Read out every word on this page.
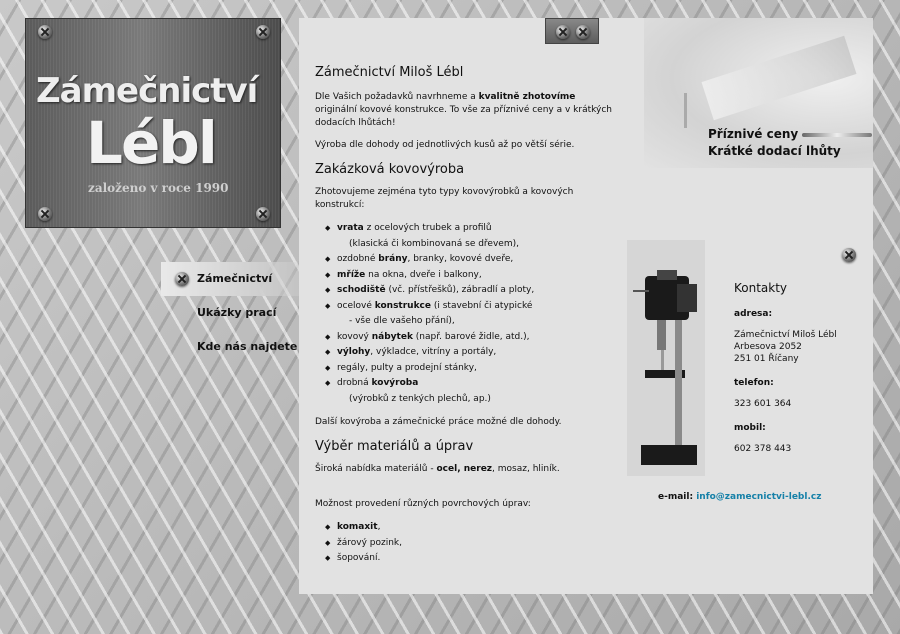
Zámečnictví
Lébl
založeno v roce 1990
Zámečnictví
Ukázky prací
Kde nás najdete
Příznivé ceny
Krátké dodací lhůty
Zámečnictví Miloš Lébl

Dle Vašich požadavků navrhneme a kvalitně zhotovíme originální kovové konstrukce. To vše za příznivé ceny a v krátkých dodacích lhůtách!

Výroba dle dohody od jednotlivých kusů až po větší série.

Zakázková kovovýroba

Zhotovujeme zejména tyto typy kovovýrobků a kovových konstrukcí:

◆ vrata z ocelových trubek a profilů
(klasická či kombinovaná se dřevem),
◆ ozdobné brány, branky, kovové dveře,
◆ mříže na okna, dveře i balkony,
◆ schodiště (vč. přístřešků), zábradlí a ploty,
◆ ocelové konstrukce (i stavební či atypické
- vše dle vašeho přání),
◆ kovový nábytek (např. barové židle, atd.),
◆ výlohy, výkladce, vitríny a portály,
◆ regály, pulty a prodejní stánky,
◆ drobná kovýroba
(výrobků z tenkých plechů, ap.)

Další kovýroba a zámečnické práce možné dle dohody.

Výběr materiálů a úprav

Široká nabídka materiálů - ocel, nerez, mosaz, hliník.

Možnost provedení různých povrchových úprav:

◆ komaxit,
◆ žárový pozink,
◆ šopování.
Kontakty
adresa:
Zámečnictví Miloš Lébl
Arbesova 2052
251 01 Říčany
telefon:
323 601 364
mobil:
602 378 443
e-mail: info@zamecnictvi-lebl.cz
